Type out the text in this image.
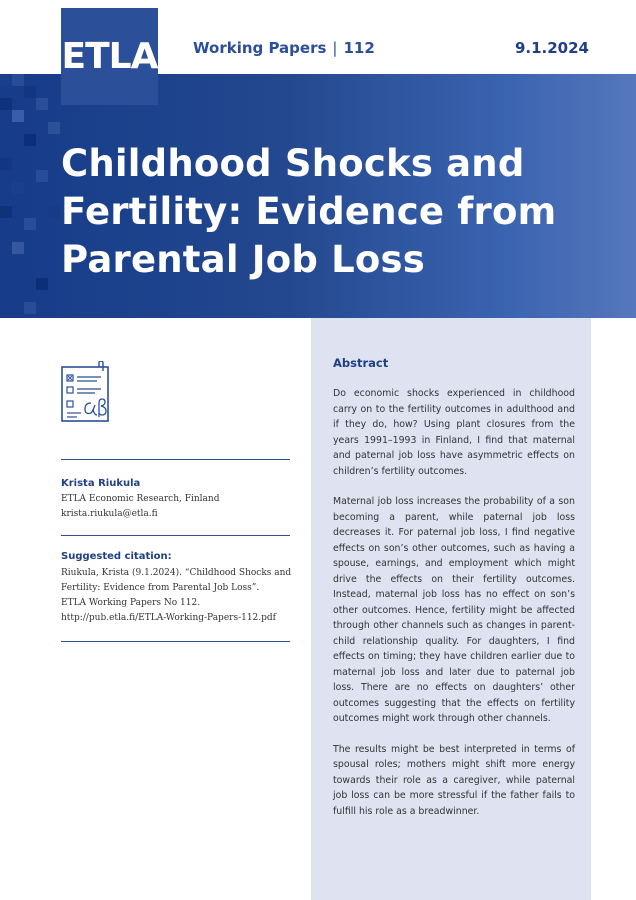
ETLA Working Papers | 112	9.1.2024
Childhood Shocks and
Fertility: Evidence from
Parental Job Loss
Krista Riukula
ETLA Economic Research, Finland
krista.riukula@etla.fi
Suggested citation:
Riukula, Krista (9.1.2024). “Childhood Shocks and
Fertility: Evidence from Parental Job Loss”.
ETLA Working Papers No 112.
http://pub.etla.fi/ETLA-Working-Papers-112.pdf
Abstract

Do economic shocks experienced in childhood carry on to the fertility outcomes in adulthood and if they do, how? Using plant closures from the years 1991–1993 in Finland, I find that maternal and paternal job loss have asymmetric effects on children’s fertility outcomes.

Maternal job loss increases the probability of a son becoming a parent, while paternal job loss decreases it. For paternal job loss, I find negative effects on son’s other outcomes, such as having a spouse, earnings, and employment which might drive the effects on their fertility outcomes. Instead, maternal job loss has no effect on son’s other outcomes. Hence, fertility might be affected through other channels such as changes in parent-child relationship quality. For daughters, I find effects on timing; they have children earlier due to maternal job loss and later due to paternal job loss. There are no effects on daughters’ other outcomes suggesting that the effects on fertility outcomes might work through other channels.

The results might be best interpreted in terms of spousal roles; mothers might shift more energy towards their role as a caregiver, while paternal job loss can be more stressful if the father fails to fulfill his role as a breadwinner.
